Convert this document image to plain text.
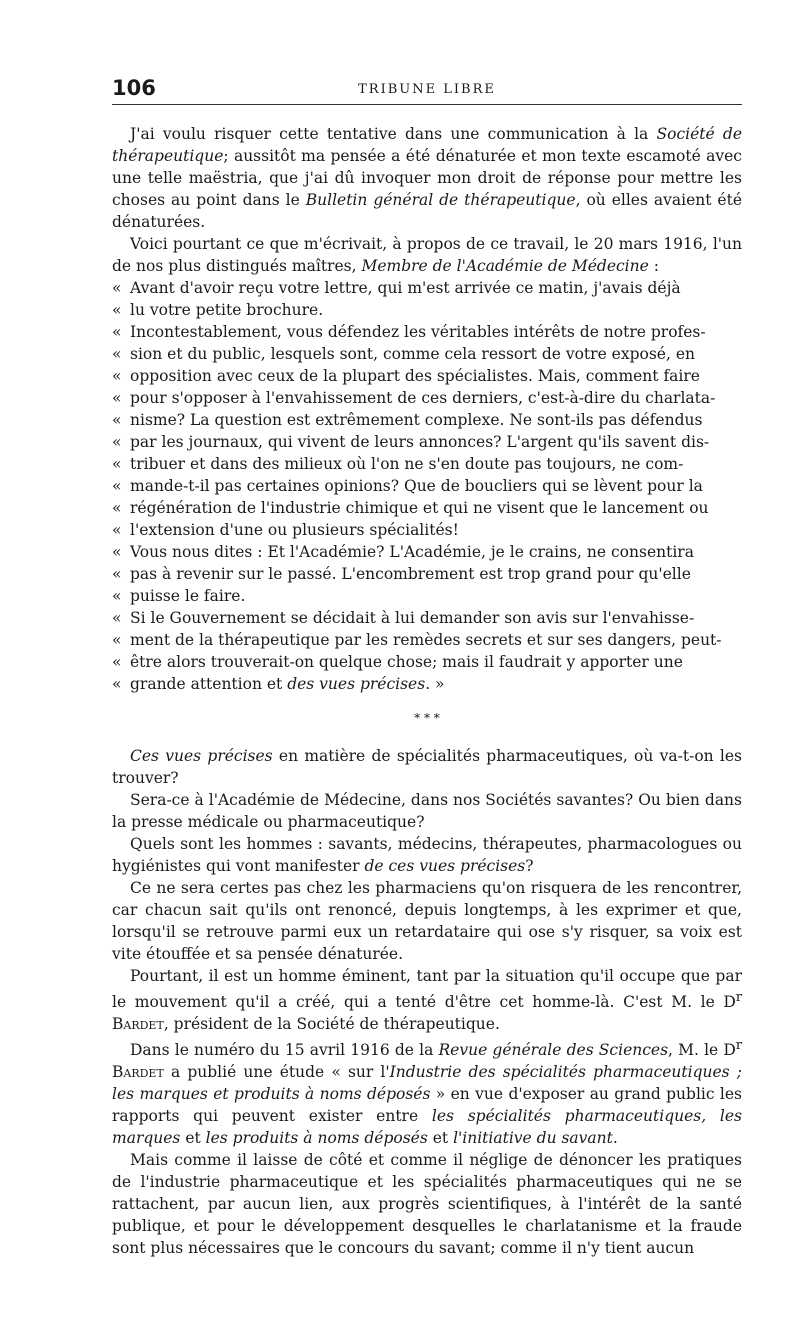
106	TRIBUNE LIBRE

J'ai voulu risquer cette tentative dans une communication à la Société de thérapeutique; aussitôt ma pensée a été dénaturée et mon texte escamoté avec une telle maëstria, que j'ai dû invoquer mon droit de réponse pour mettre les choses au point dans le Bulletin général de thérapeutique, où elles avaient été dénaturées.

Voici pourtant ce que m'écrivait, à propos de ce travail, le 20 mars 1916, l'un de nos plus distingués maîtres, Membre de l'Académie de Médecine :

« Avant d'avoir reçu votre lettre, qui m'est arrivée ce matin, j'avais déjà

« lu votre petite brochure.

« Incontestablement, vous défendez les véritables intérêts de notre profes-

« sion et du public, lesquels sont, comme cela ressort de votre exposé, en

« opposition avec ceux de la plupart des spécialistes. Mais, comment faire

« pour s'opposer à l'envahissement de ces derniers, c'est-à-dire du charlata-

« nisme? La question est extrêmement complexe. Ne sont-ils pas défendus

« par les journaux, qui vivent de leurs annonces? L'argent qu'ils savent dis-

« tribuer et dans des milieux où l'on ne s'en doute pas toujours, ne com-

« mande-t-il pas certaines opinions? Que de boucliers qui se lèvent pour la

« régénération de l'industrie chimique et qui ne visent que le lancement ou

« l'extension d'une ou plusieurs spécialités!

« Vous nous dites : Et l'Académie? L'Académie, je le crains, ne consentira

« pas à revenir sur le passé. L'encombrement est trop grand pour qu'elle

« puisse le faire.

« Si le Gouvernement se décidait à lui demander son avis sur l'envahisse-

« ment de la thérapeutique par les remèdes secrets et sur ses dangers, peut-

« être alors trouverait-on quelque chose; mais il faudrait y apporter une

« grande attention et des vues précises. »

* * *

Ces vues précises en matière de spécialités pharmaceutiques, où va-t-on les trouver?

Sera-ce à l'Académie de Médecine, dans nos Sociétés savantes? Ou bien dans la presse médicale ou pharmaceutique?

Quels sont les hommes : savants, médecins, thérapeutes, pharmacologues ou hygiénistes qui vont manifester de ces vues précises?

Ce ne sera certes pas chez les pharmaciens qu'on risquera de les rencontrer, car chacun sait qu'ils ont renoncé, depuis longtemps, à les exprimer et que, lorsqu'il se retrouve parmi eux un retardataire qui ose s'y risquer, sa voix est vite étouffée et sa pensée dénaturée.

Pourtant, il est un homme éminent, tant par la situation qu'il occupe que par le mouvement qu'il a créé, qui a tenté d'être cet homme-là. C'est M. le $D^r$ Bardet, président de la Société de thérapeutique.

Dans le numéro du 15 avril 1916 de la Revue générale des Sciences, M. le $D^r$ Bardet a publié une étude « sur l'Industrie des spécialités pharmaceutiques ; les marques et produits à noms déposés » en vue d'exposer au grand public les rapports qui peuvent exister entre les spécialités pharmaceutiques, les marques et les produits à noms déposés et l'initiative du savant.

Mais comme il laisse de côté et comme il néglige de dénoncer les pratiques de l'industrie pharmaceutique et les spécialités pharmaceutiques qui ne se rattachent, par aucun lien, aux progrès scientifiques, à l'intérêt de la santé publique, et pour le développement desquelles le charlatanisme et la fraude sont plus nécessaires que le concours du savant; comme il n'y tient aucun
